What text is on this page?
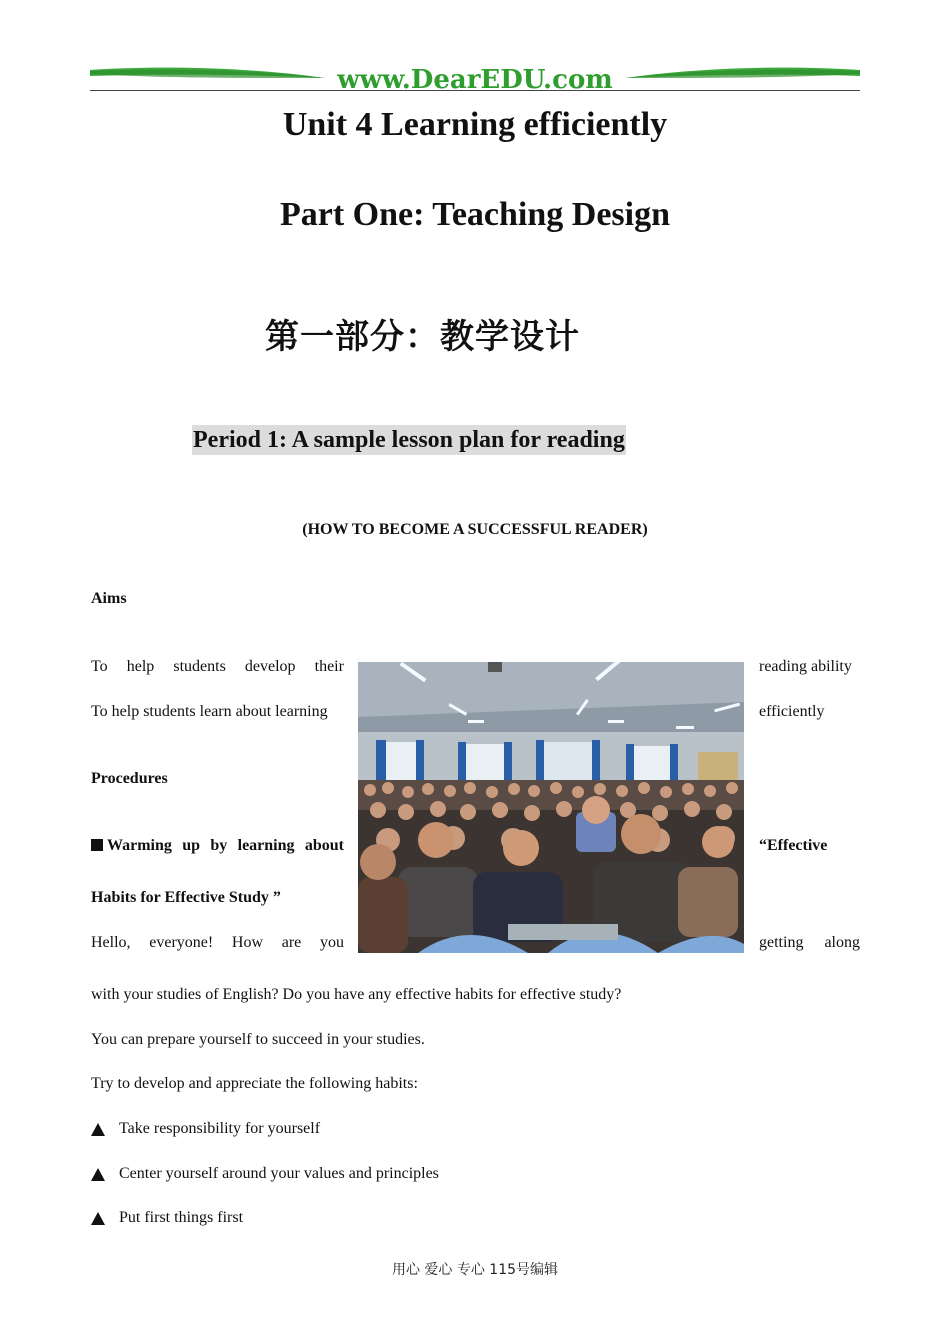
www.DearEDU.com
Unit 4 Learning efficiently
Part One: Teaching Design
第一部分：教学设计
Period 1: A sample lesson plan for reading
(HOW TO BECOME A SUCCESSFUL READER)
Aims
To help students develop their	reading ability
To help students learn about learning	efficiently
Procedures
Warming up by learning about	“Effective
Habits for Effective Study ”
Hello, everyone! How are you	getting along
with your studies of English? Do you have any effective habits for effective study?
You can prepare yourself to succeed in your studies.
Try to develop and appreciate the following habits:
Take responsibility for yourself
Center yourself around your values and principles
Put first things first
用心 爱心 专心 115号编辑
